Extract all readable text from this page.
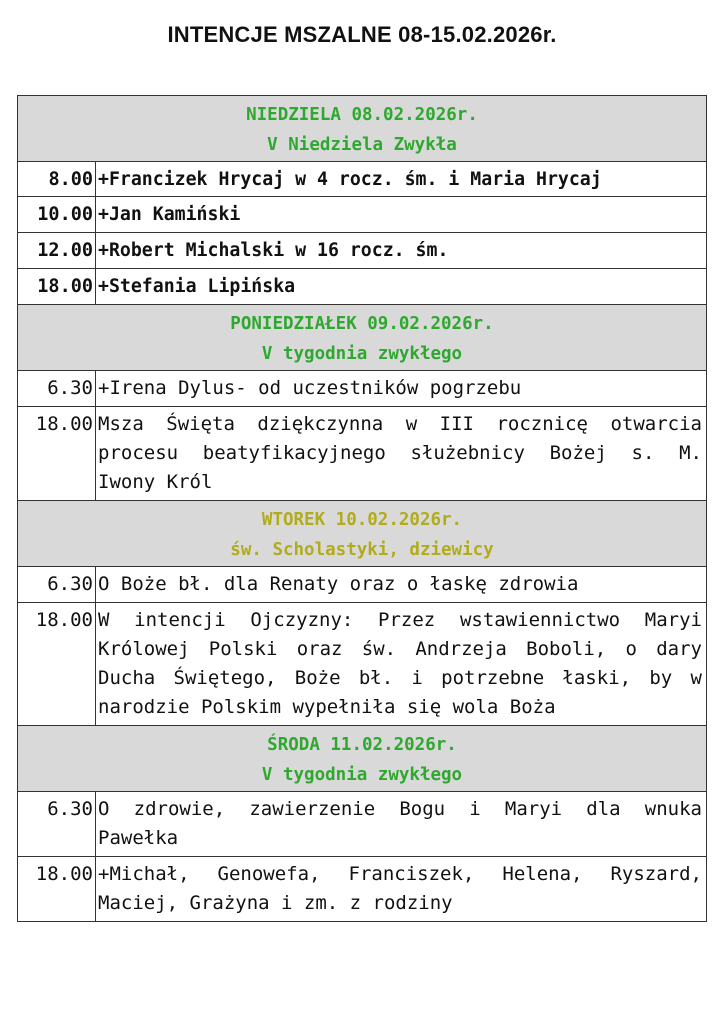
INTENCJE MSZALNE 08-15.02.2026r.
NIEDZIELA 08.02.2026r.
V Niedziela Zwykła	

8.00	+Francizek Hrycaj w 4 rocz. śm. i Maria Hrycaj
10.00	+Jan Kamiński
12.00	+Robert Michalski w 16 rocz. śm.
18.00	+Stefania Lipińska

PONIEDZIAŁEK 09.02.2026r.
V tygodnia zwykłego	

6.30	+Irena Dylus- od uczestników pogrzebu
18.00	Msza Święta dziękczynna w III rocznicę otwarcia procesu beatyfikacyjnego służebnicy Bożej s. M. Iwony Król

WTOREK 10.02.2026r.
św. Scholastyki, dziewicy	

6.30	O Boże bł. dla Renaty oraz o łaskę zdrowia
18.00	W intencji Ojczyzny: Przez wstawiennictwo Maryi Królowej Polski oraz św. Andrzeja Boboli, o dary Ducha Świętego, Boże bł. i potrzebne łaski, by w narodzie Polskim wypełniła się wola Boża

ŚRODA 11.02.2026r.
V tygodnia zwykłego	

6.30	O zdrowie, zawierzenie Bogu i Maryi dla wnuka Pawełka
18.00	+Michał, Genowefa, Franciszek, Helena, Ryszard, Maciej, Grażyna i zm. z rodziny
